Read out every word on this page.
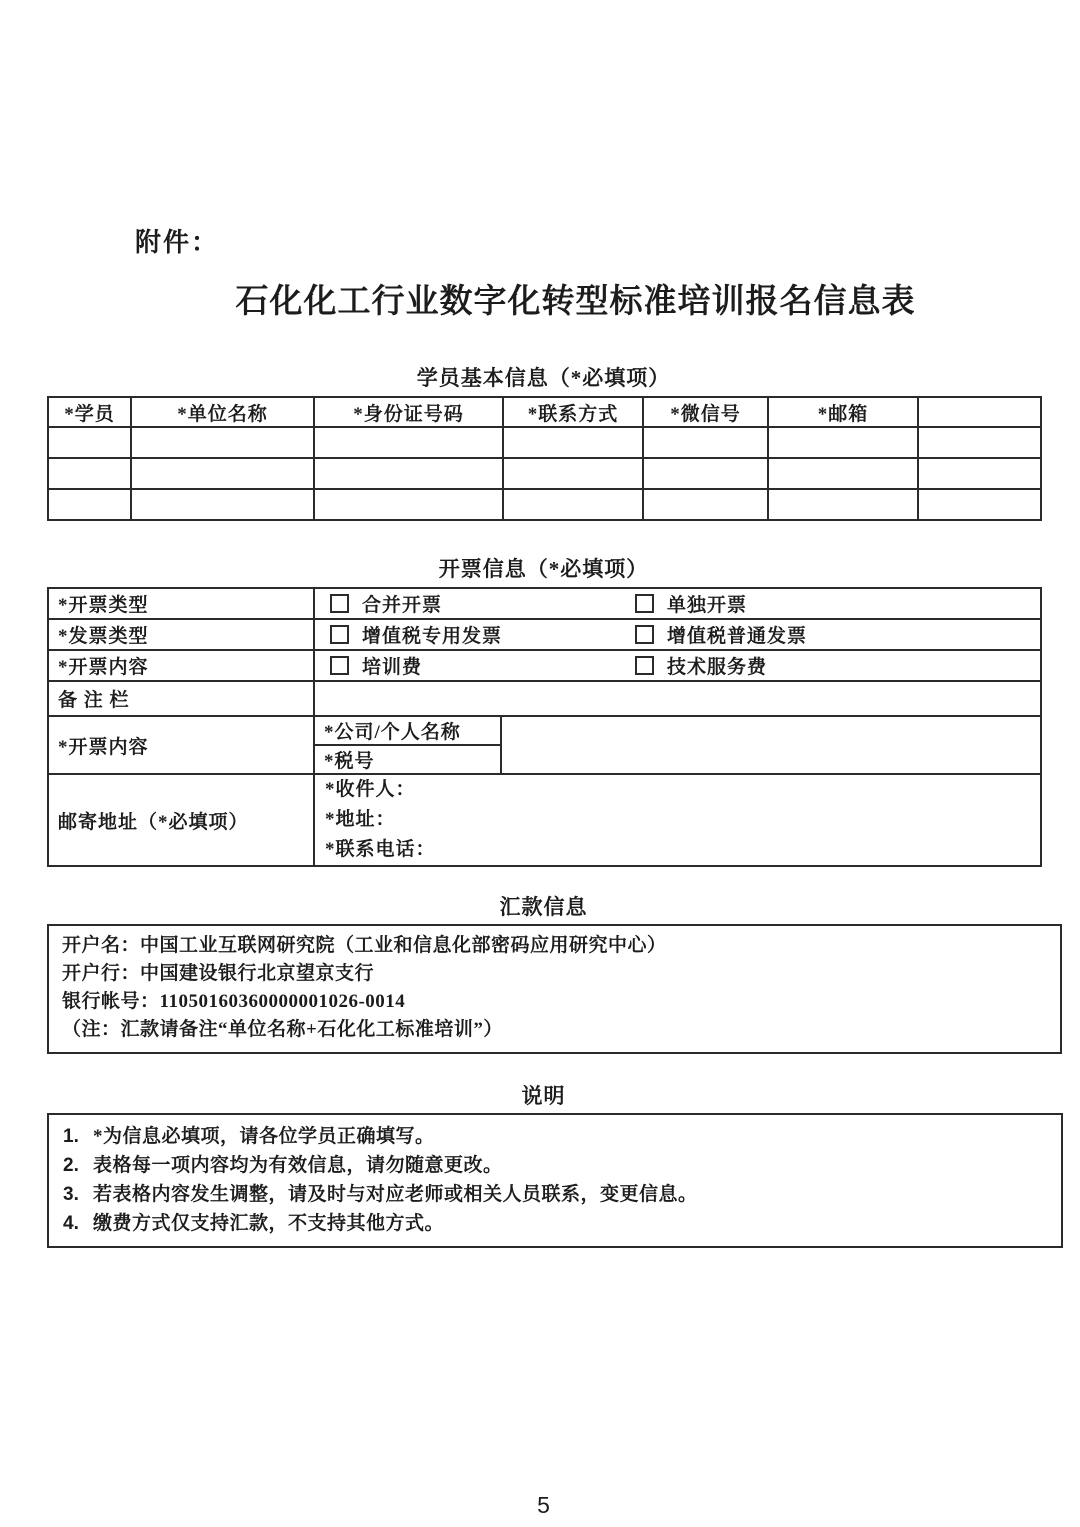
附件：
石化化工行业数字化转型标准培训报名信息表
学员基本信息（*必填项）
*学员	*单位名称	*身份证号码	*联系方式	*微信号	*邮箱	

开票信息（*必填项）
*开票类型	合并开票 单独开票	

*发票类型	增值税专用发票 增值税普通发票	

*开票内容	培训费 技术服务费	

备 注 栏		
*开票内容	*公司/个人名称	
	*税号	
邮寄地址（*必填项）	*收件人：
*地址：
*联系电话：	
汇款信息
开户名：中国工业互联网研究院（工业和信息化部密码应用研究中心）
开户行：中国建设银行北京望京支行
银行帐号：11050160360000001026-0014
（注：汇款请备注“单位名称+石化化工标准培训”）
说明
1. *为信息必填项，请各位学员正确填写。
2. 表格每一项内容均为有效信息，请勿随意更改。
3. 若表格内容发生调整，请及时与对应老师或相关人员联系，变更信息。
4. 缴费方式仅支持汇款，不支持其他方式。
5
